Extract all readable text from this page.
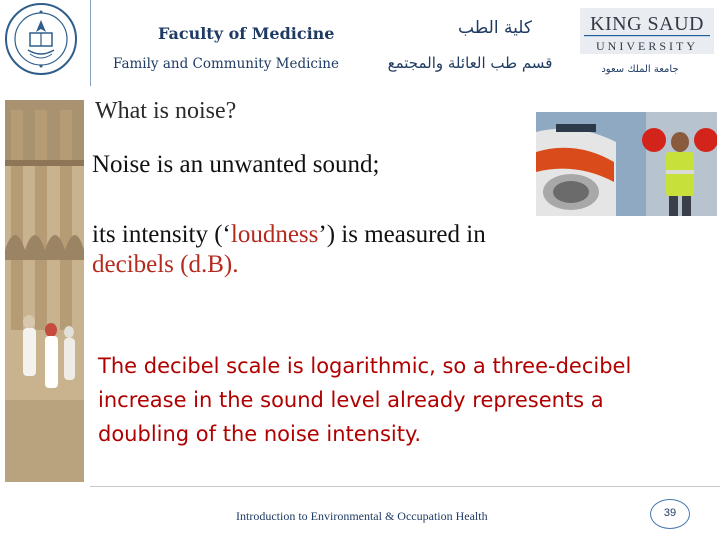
Faculty of Medicine
Family and Community Medicine
كلية الطب
قسم طب العائلة والمجتمع
KING SAUD
UNIVERSITY
جامعة الملك سعود
What is noise?
Noise is an unwanted sound;
its intensity (‘loudness’) is measured in
decibels (d.B).
The decibel scale is logarithmic, so a three-decibel increase in the sound level already represents a doubling of the noise intensity.
Introduction to Environmental & Occupation Health	39
